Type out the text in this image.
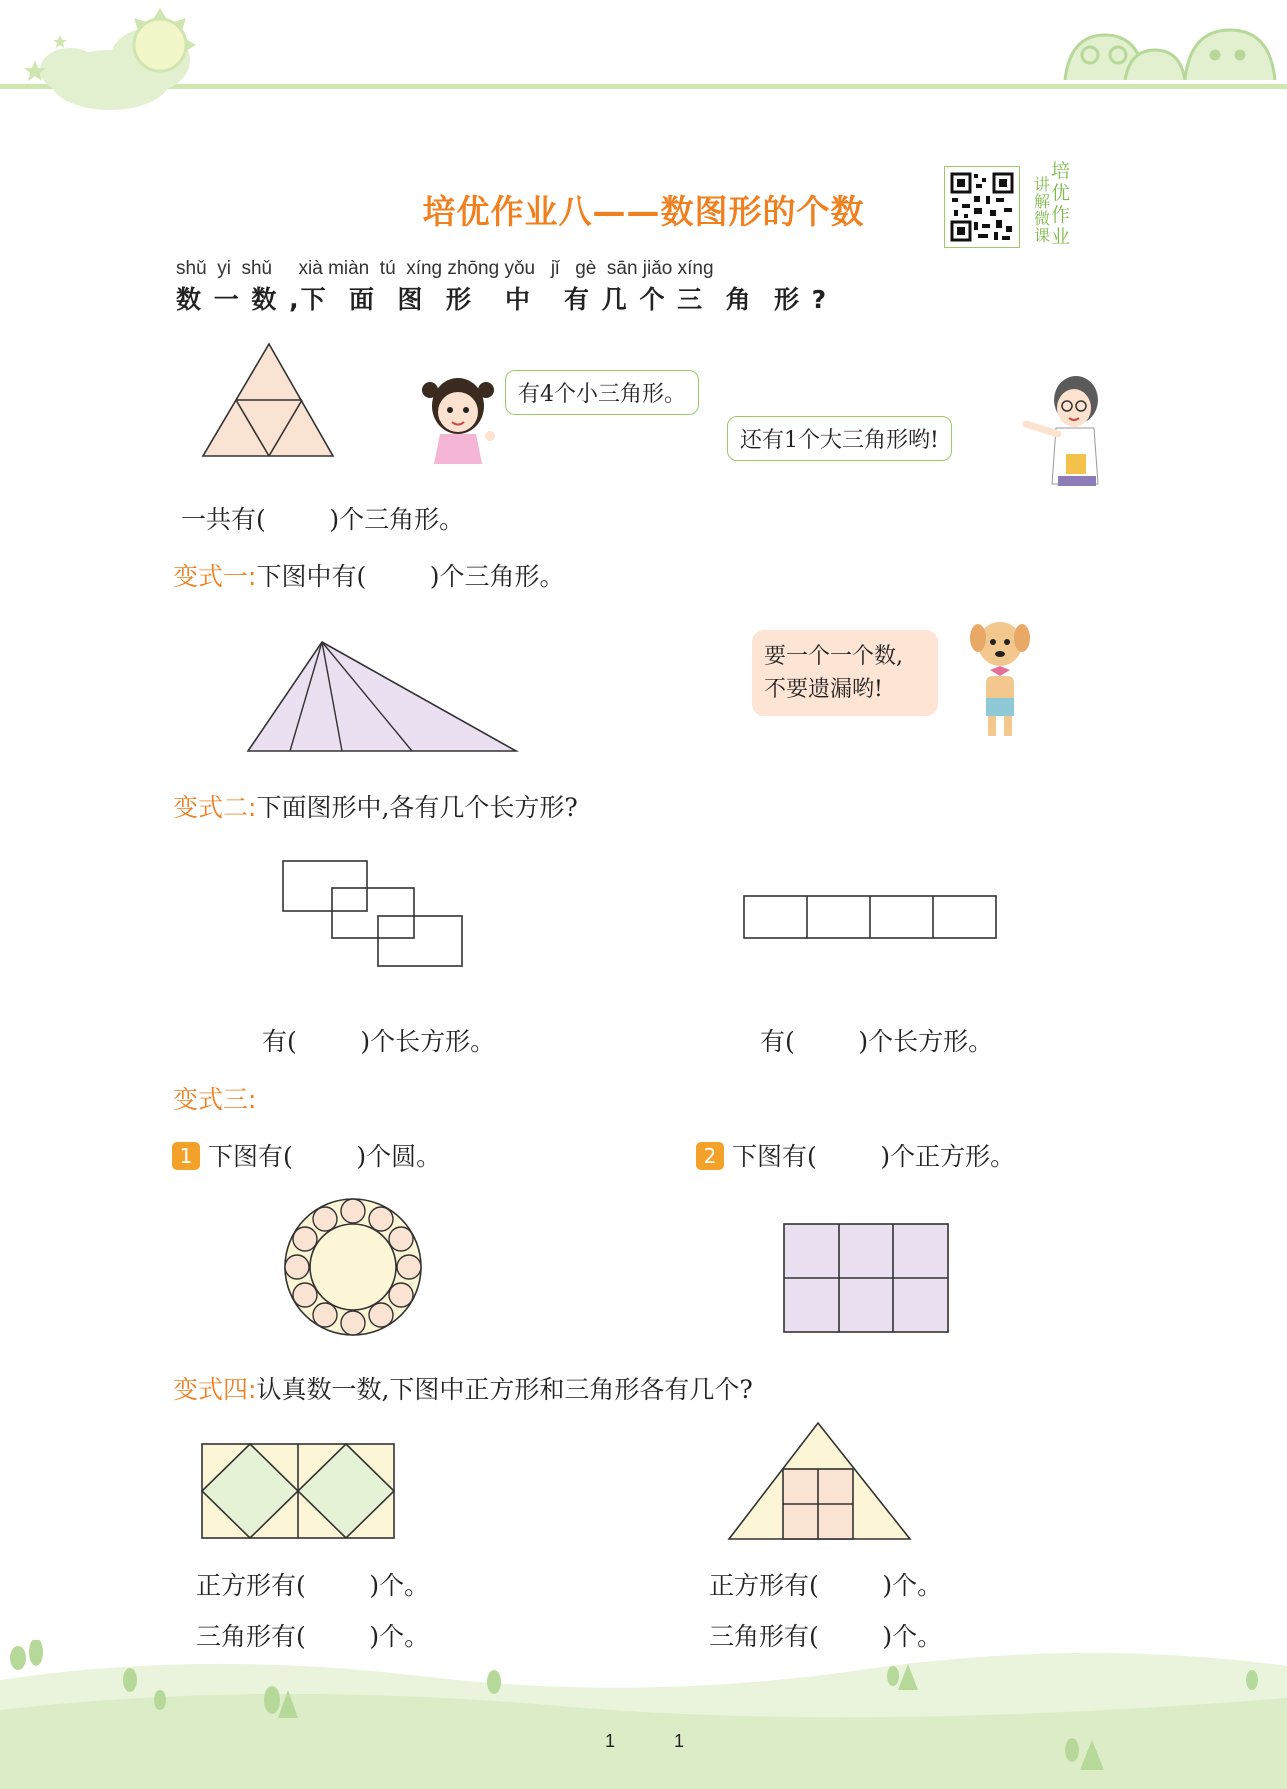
培优作业八——数图形的个数
讲解微课
培优作业
shǔ  yi  shǔ     xià miàn  tú  xíng zhōng yǒu   jǐ   gè  sān jiǎo xíng
数 一 数 ,下  面  图  形   中   有 几 个 三  角  形 ?
有4个小三角形。
还有1个大三角形哟!
一共有(        )个三角形。
变式一:下图中有(        )个三角形。
要一个一个数,
不要遗漏哟!
变式二:下面图形中,各有几个长方形?
有(        )个长方形。	有(        )个长方形。
变式三:
1 下图有(        )个圆。	2 下图有(        )个正方形。
变式四:认真数一数,下图中正方形和三角形各有几个?
正方形有(        )个。
三角形有(        )个。
正方形有(        )个。
三角形有(        )个。
1	1
